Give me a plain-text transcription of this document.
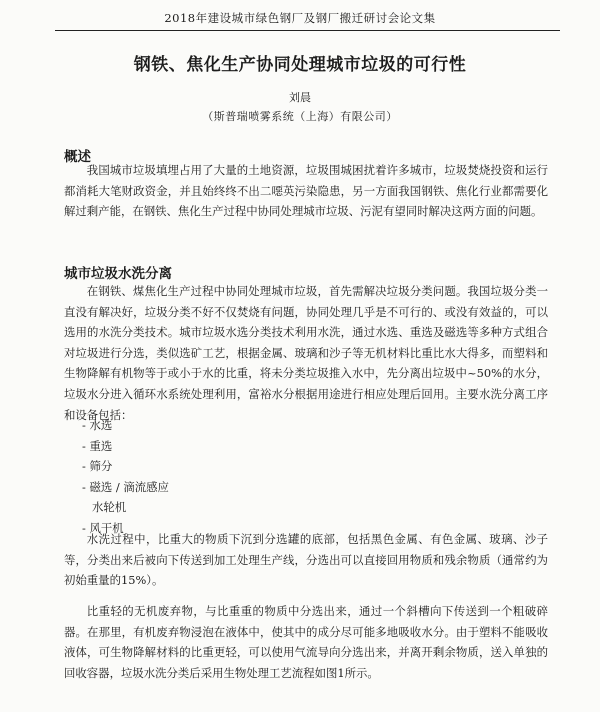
2018年建设城市绿色钢厂及钢厂搬迁研讨会论文集
钢铁、焦化生产协同处理城市垃圾的可行性
刘晨
（斯普瑞喷雾系统（上海）有限公司）
概述

我国城市垃圾填埋占用了大量的土地资源，垃圾围城困扰着许多城市，垃圾焚烧投资和运行都消耗大笔财政资金，并且始终终不出二噁英污染隐患，另一方面我国钢铁、焦化行业都需要化解过剩产能，在钢铁、焦化生产过程中协同处理城市垃圾、污泥有望同时解决这两方面的问题。

城市垃圾水洗分离

在钢铁、煤焦化生产过程中协同处理城市垃圾，首先需解决垃圾分类问题。我国垃圾分类一直没有解决好，垃圾分类不好不仅焚烧有问题，协同处理几乎是不可行的、或没有效益的，可以选用的水洗分类技术。城市垃圾水选分类技术利用水洗，通过水选、重选及磁选等多种方式组合对垃圾进行分选，类似选矿工艺，根据金属、玻璃和沙子等无机材料比重比水大得多，而塑料和生物降解有机物等于或小于水的比重，将未分类垃圾推入水中，先分离出垃圾中~50%的水分，垃圾水分进入循环水系统处理利用，富裕水分根据用途进行相应处理后回用。主要水洗分离工序和设备包括：

- 水选
- 重选
- 筛分
- 磁选 / 滴流感应
水轮机
- 风干机

水洗过程中，比重大的物质下沉到分选罐的底部，包括黑色金属、有色金属、玻璃、沙子等，分类出来后被向下传送到加工处理生产线，分选出可以直接回用物质和残余物质（通常约为初始重量的15%）。

比重轻的无机废弃物，与比重重的物质中分选出来，通过一个斜槽向下传送到一个粗破碎器。在那里，有机废弃物浸泡在液体中，使其中的成分尽可能多地吸收水分。由于塑料不能吸收液体，可生物降解材料的比重更轻，可以使用气流导向分选出来，并离开剩余物质，送入单独的回收容器，垃圾水洗分类后采用生物处理工艺流程如图1所示。
